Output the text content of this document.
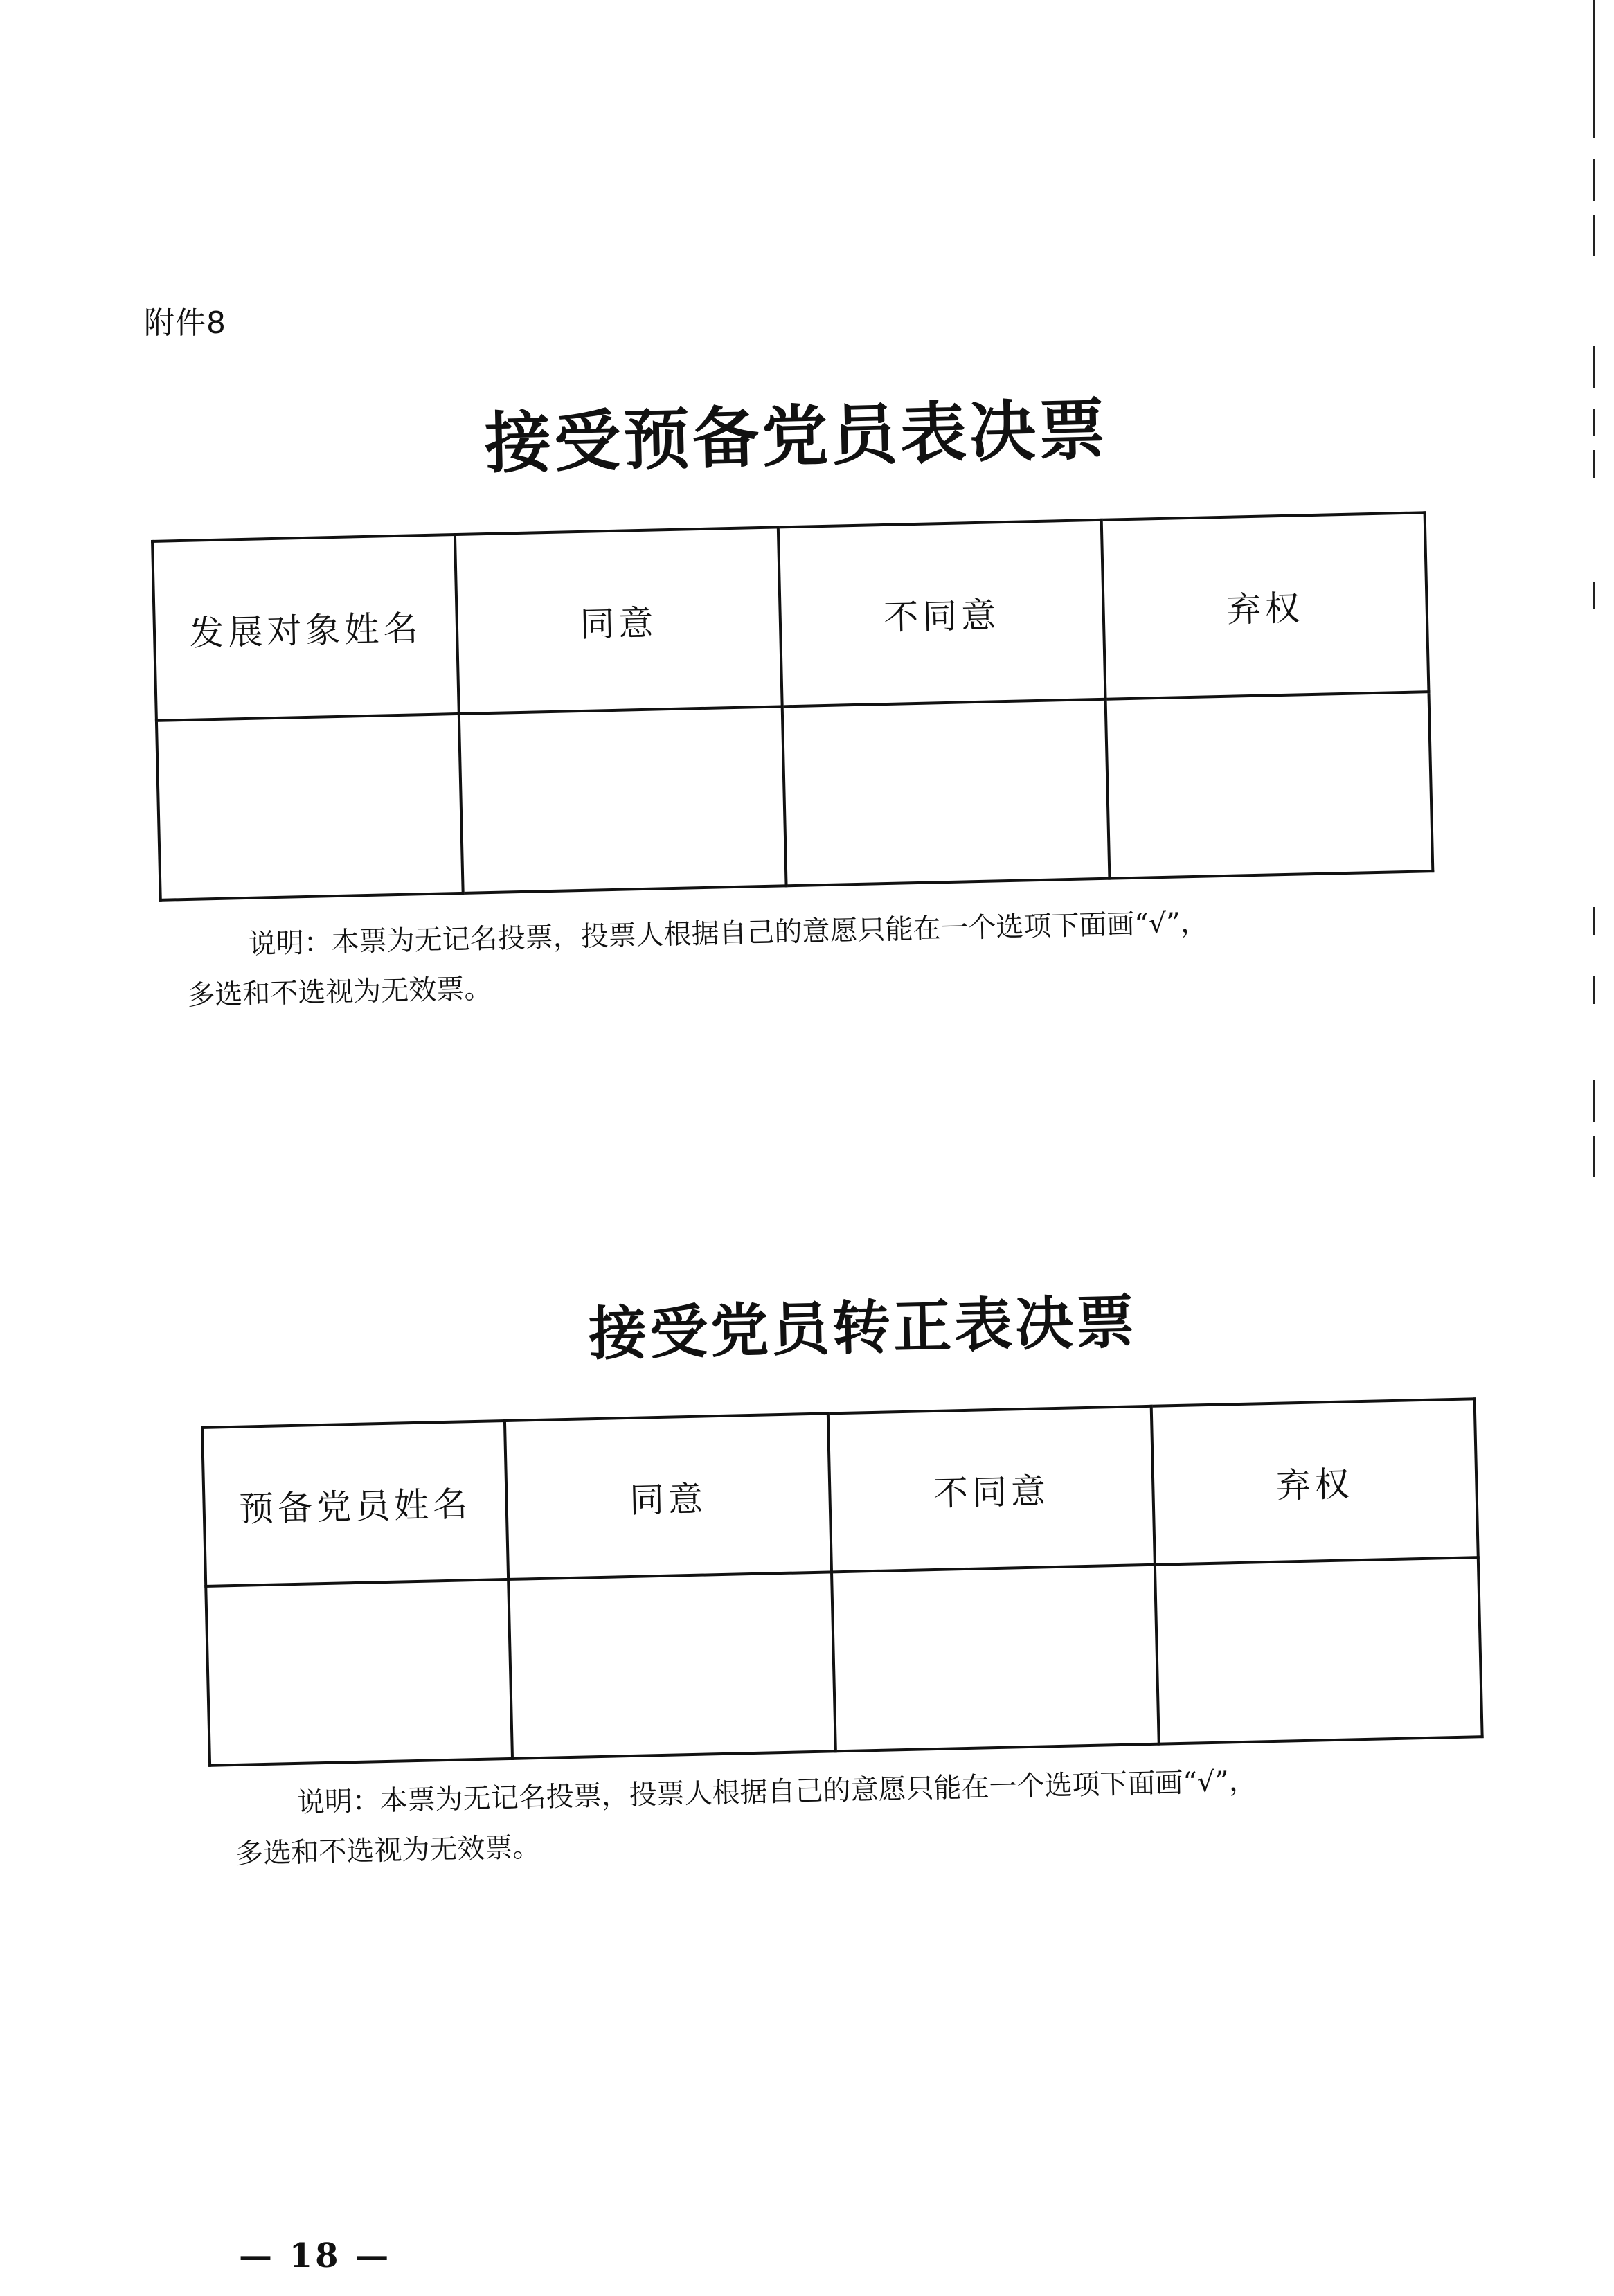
附件8
接受预备党员表决票
发展对象姓名	同意	不同意	弃权

说明：本票为无记名投票，投票人根据自己的意愿只能在一个选项下面画“√”，
多选和不选视为无效票。
接受党员转正表决票
预备党员姓名	同意	不同意	弃权

说明：本票为无记名投票，投票人根据自己的意愿只能在一个选项下面画“√”，
多选和不选视为无效票。
— 18 —
